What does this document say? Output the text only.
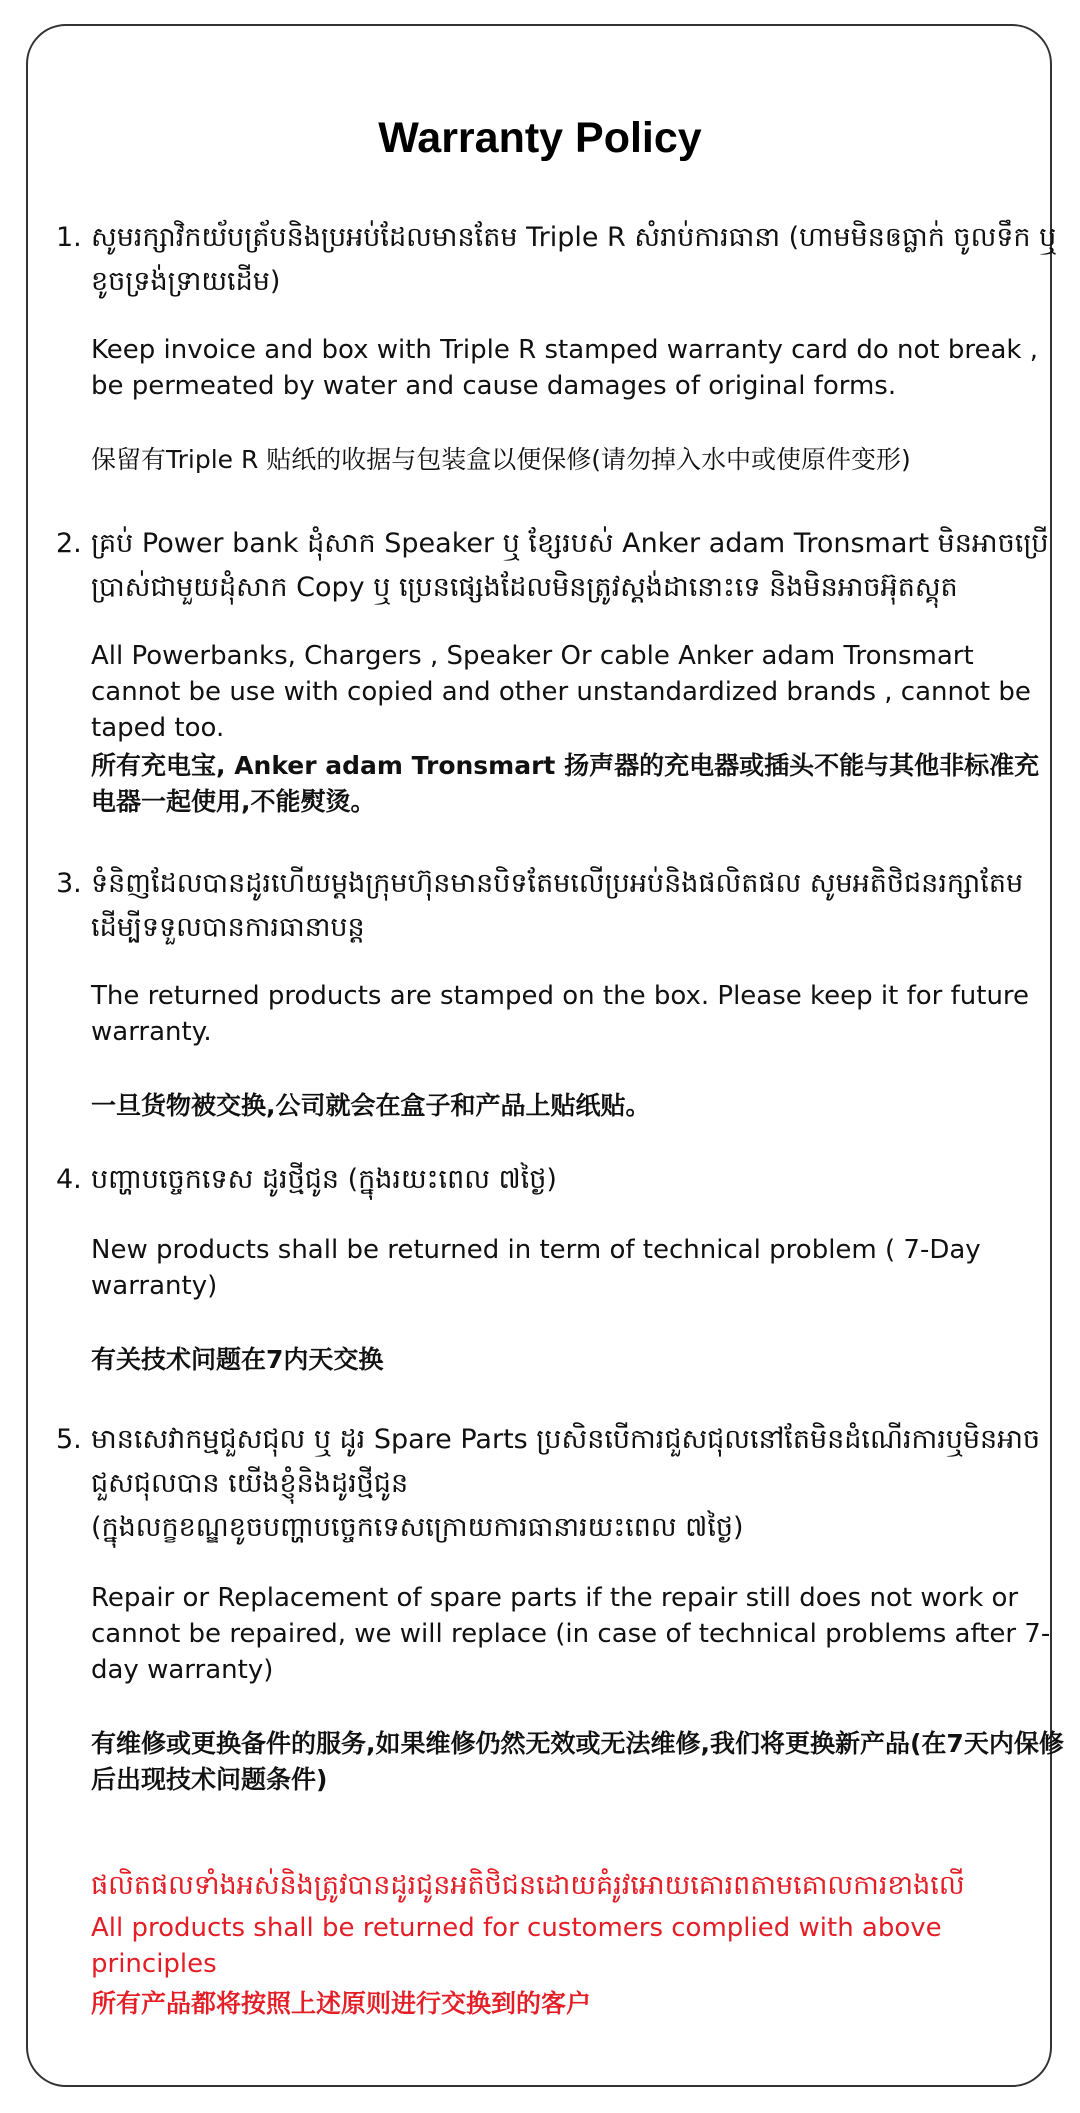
Warranty Policy
1. សូមរក្សាវិកយ័បត្រ័បនិងប្រអប់ដែលមានតែម Triple R សំរាប់ការធានា (ហាមមិនឲធ្លាក់ ចូលទឹក ឬ ខូចទ្រង់ទ្រាយដើម)

Keep invoice and box with Triple R stamped warranty card do not break , be permeated by water and cause damages of original forms.

保留有Triple R 贴纸的收据与包装盒以便保修(请勿掉入水中或使原件变形)

2. គ្រប់ Power bank ដុំសាក Speaker ឬ ខ្សែរបស់ Anker adam Tronsmart មិនអាចប្រើប្រាស់ជាមួយដុំសាក Copy ឬ ប្រេនផ្សេងដែលមិនត្រូវស្តង់ដានោះទេ និងមិនអាចអ៊ុតស្គុត

All Powerbanks, Chargers , Speaker Or cable Anker adam Tronsmart cannot be use with copied and other unstandardized brands , cannot be taped too.

所有充电宝, Anker adam Tronsmart 扬声器的充电器或插头不能与其他非标准充电器一起使用,不能熨烫。

3. ទំនិញដែលបានដូរហើយម្តងក្រុមហ៊ុនមានបិទតែមលើប្រអប់និងផលិតផល សូមអតិថិជនរក្សាតែមដើម្បីទទួលបានការធានាបន្ត

The returned products are stamped on the box. Please keep it for future warranty.

一旦货物被交换,公司就会在盒子和产品上贴纸贴。

4. បញ្ហាបច្ចេកទេស ដូរថ្មីជូន (ក្នុងរយះពេល ៧ថ្ងៃ)

New products shall be returned in term of technical problem ( 7-Day warranty)

有关技术问题在7内天交换

5. មានសេវាកម្មជួសជុល ឬ ដូរ Spare Parts ប្រសិនបើការជួសជុលនៅតែមិនដំណើរការឬមិនអាចជួសជុលបាន យើងខ្ញុំនិងដូរថ្មីជូន

(ក្នុងលក្ខខណ្ឌខូចបញ្ហាបច្ចេកទេសក្រោយការធានារយះពេល ៧ថ្ងៃ)

Repair or Replacement of spare parts if the repair still does not work or cannot be repaired, we will replace (in case of technical problems after 7-day warranty)

有维修或更换备件的服务,如果维修仍然无效或无法维修,我们将更换新产品(在7天内保修后出现技术问题条件)

ផលិតផលទាំងអស់និងត្រូវបានដូរជូនអតិថិជនដោយគំរូវអោយគោរពតាមគោលការខាងលើ

All products shall be returned for customers complied with above principles

所有产品都将按照上述原则进行交换到的客户
